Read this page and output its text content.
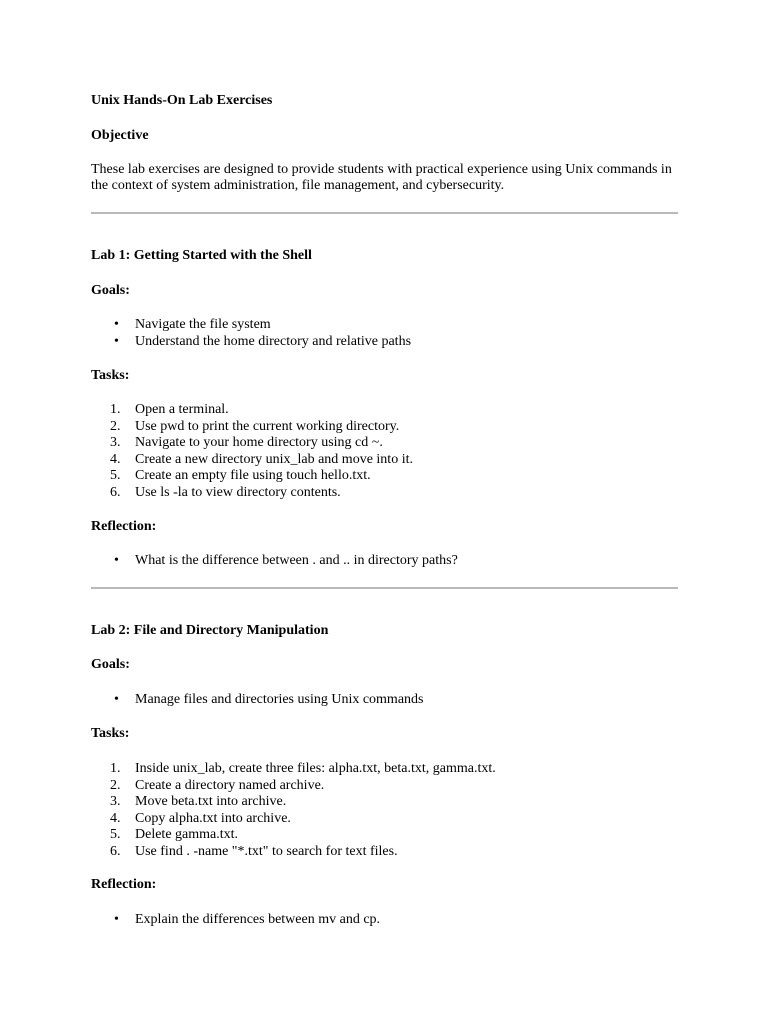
Unix Hands-On Lab Exercises
Objective

These lab exercises are designed to provide students with practical experience using Unix commands in the context of system administration, file management, and cybersecurity.

Lab 1: Getting Started with the Shell
Goals:
• Navigate the file system
• Understand the home directory and relative paths
Tasks:
1. Open a terminal.
2. Use pwd to print the current working directory.
3. Navigate to your home directory using cd ~.
4. Create a new directory unix_lab and move into it.
5. Create an empty file using touch hello.txt.
6. Use ls -la to view directory contents.
Reflection:
• What is the difference between . and .. in directory paths?
Lab 2: File and Directory Manipulation
Goals:
• Manage files and directories using Unix commands
Tasks:
1. Inside unix_lab, create three files: alpha.txt, beta.txt, gamma.txt.
2. Create a directory named archive.
3. Move beta.txt into archive.
4. Copy alpha.txt into archive.
5. Delete gamma.txt.
6. Use find . -name "*.txt" to search for text files.
Reflection:
• Explain the differences between mv and cp.
